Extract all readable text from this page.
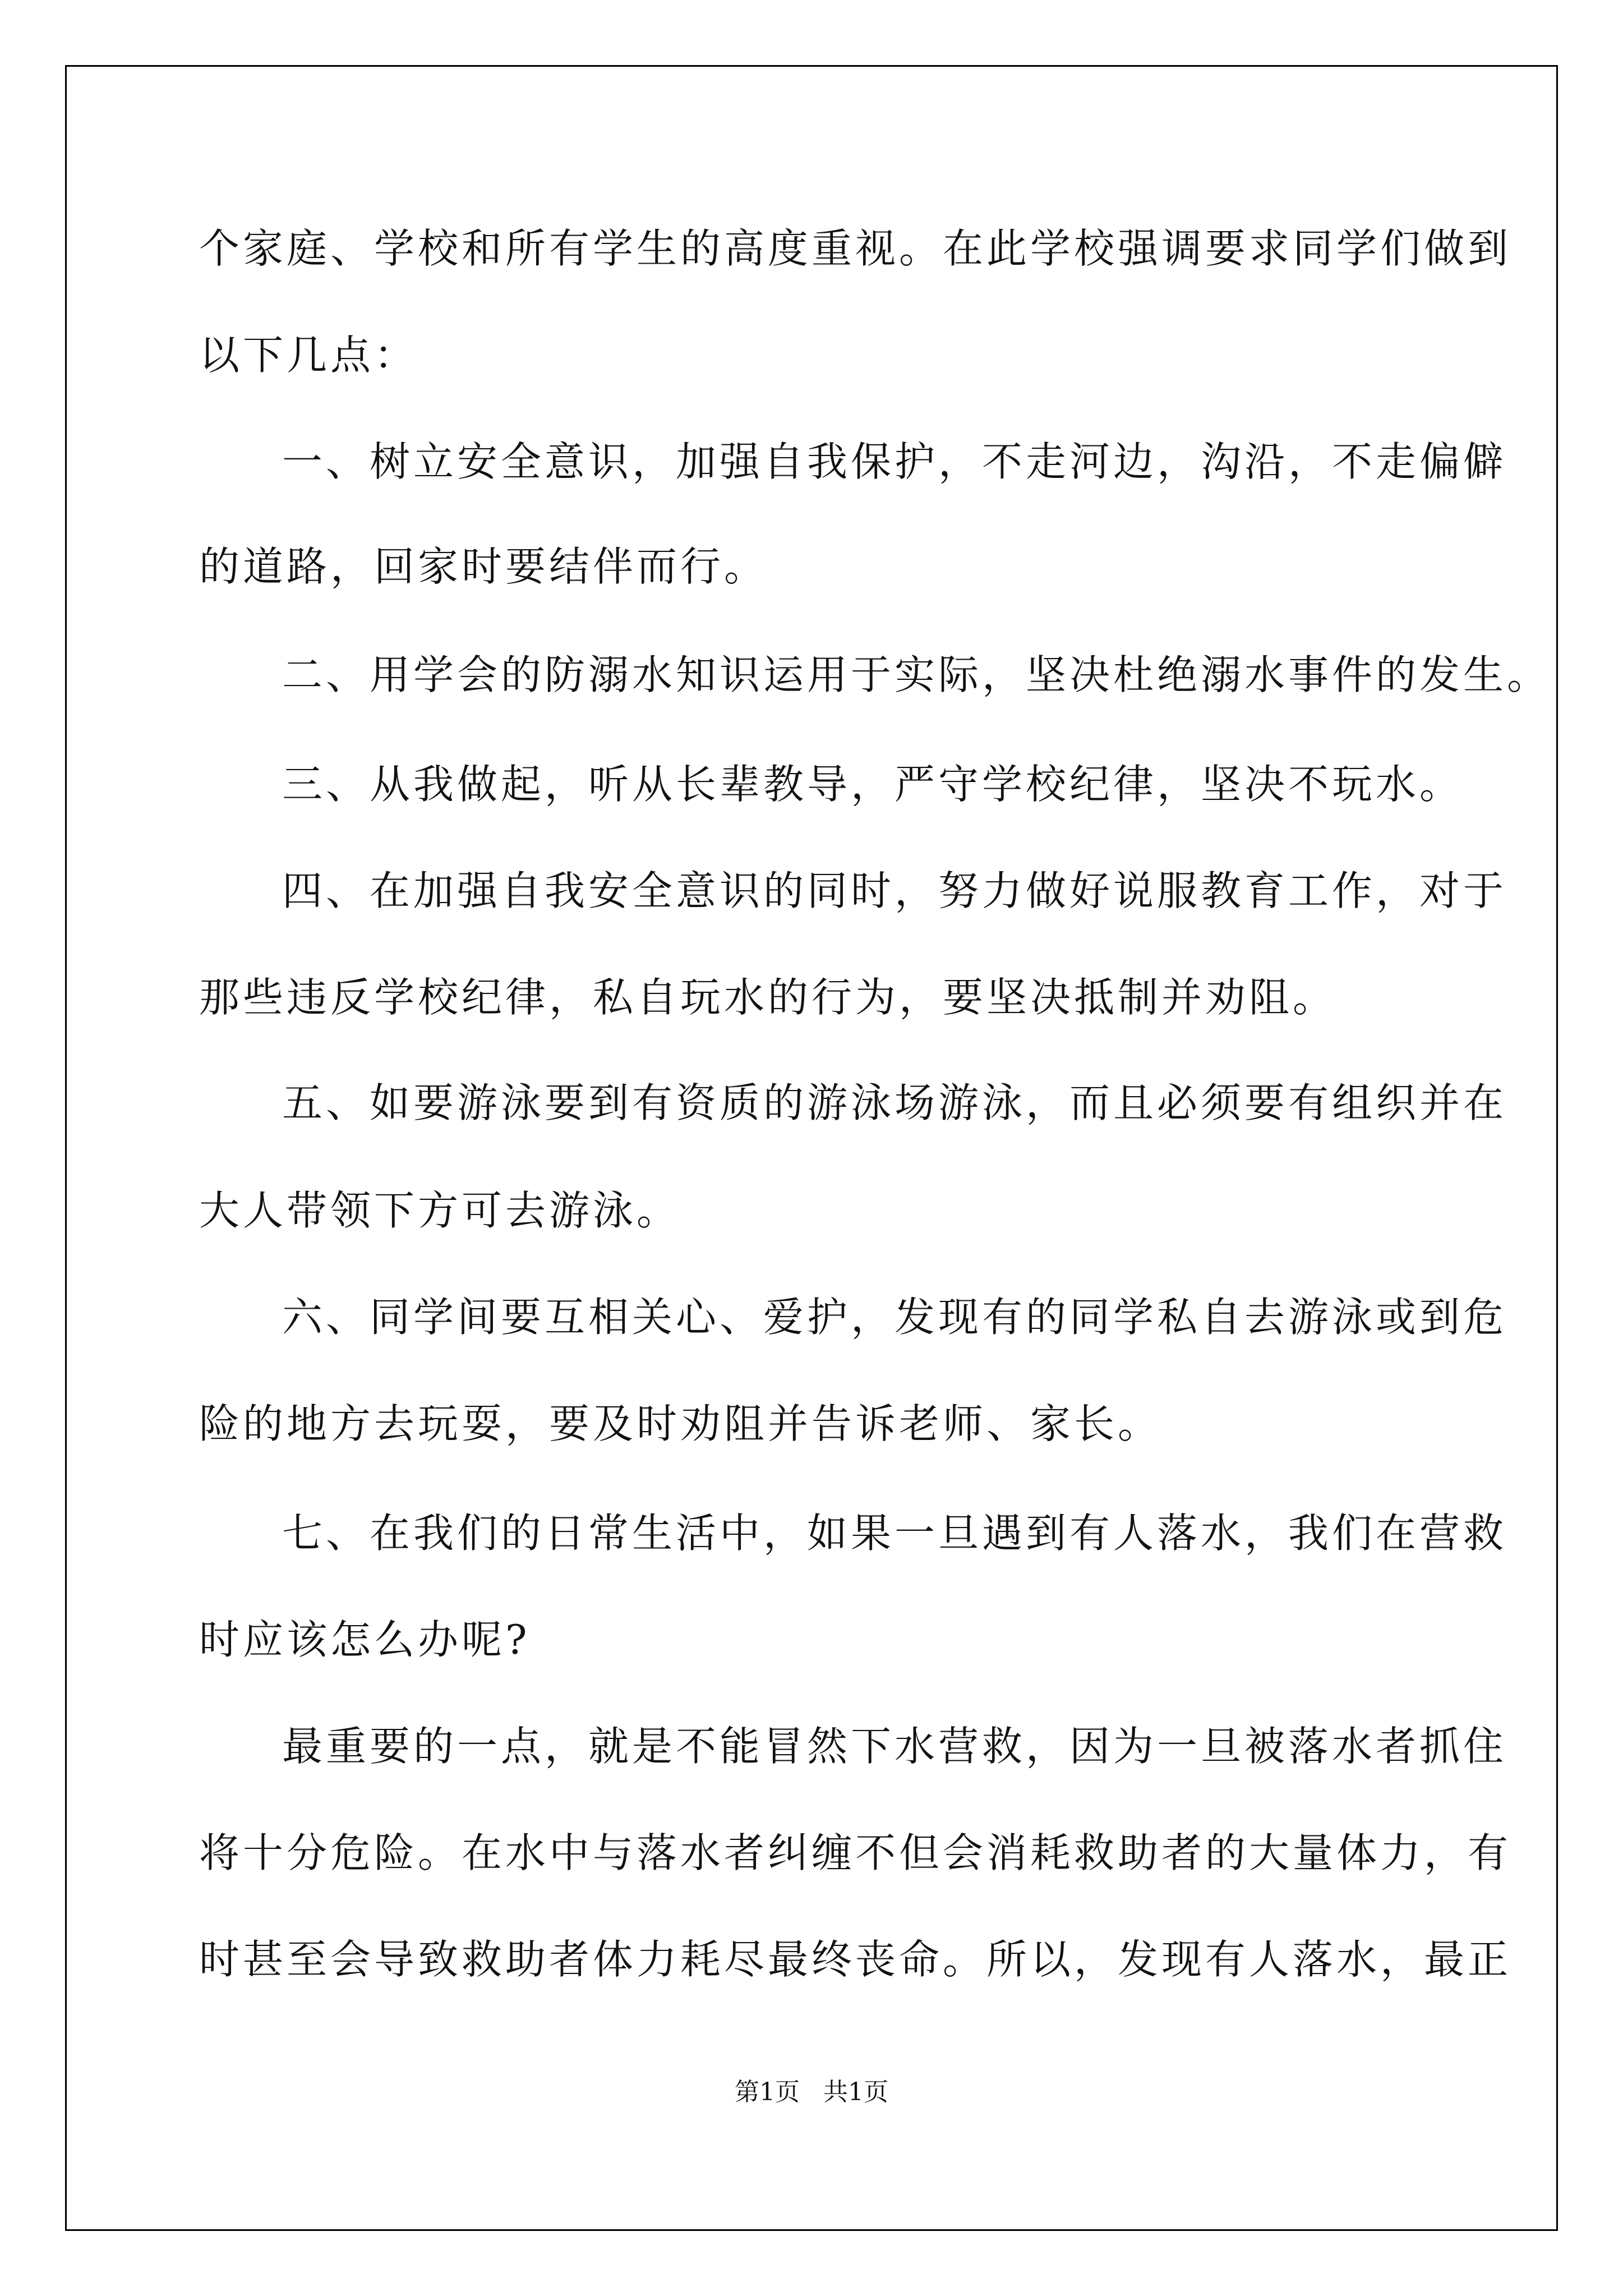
个家庭、学校和所有学生的高度重视。在此学校强调要求同学们做到
以下几点：
一、树立安全意识，加强自我保护，不走河边，沟沿，不走偏僻
的道路，回家时要结伴而行。
二、用学会的防溺水知识运用于实际，坚决杜绝溺水事件的发生。
三、从我做起，听从长辈教导，严守学校纪律，坚决不玩水。
四、在加强自我安全意识的同时，努力做好说服教育工作，对于
那些违反学校纪律，私自玩水的行为，要坚决抵制并劝阻。
五、如要游泳要到有资质的游泳场游泳，而且必须要有组织并在
大人带领下方可去游泳。
六、同学间要互相关心、爱护，发现有的同学私自去游泳或到危
险的地方去玩耍，要及时劝阻并告诉老师、家长。
七、在我们的日常生活中，如果一旦遇到有人落水，我们在营救
时应该怎么办呢?
最重要的一点，就是不能冒然下水营救，因为一旦被落水者抓住
将十分危险。在水中与落水者纠缠不但会消耗救助者的大量体力，有
时甚至会导致救助者体力耗尽最终丧命。所以，发现有人落水，最正
第1页 共1页
